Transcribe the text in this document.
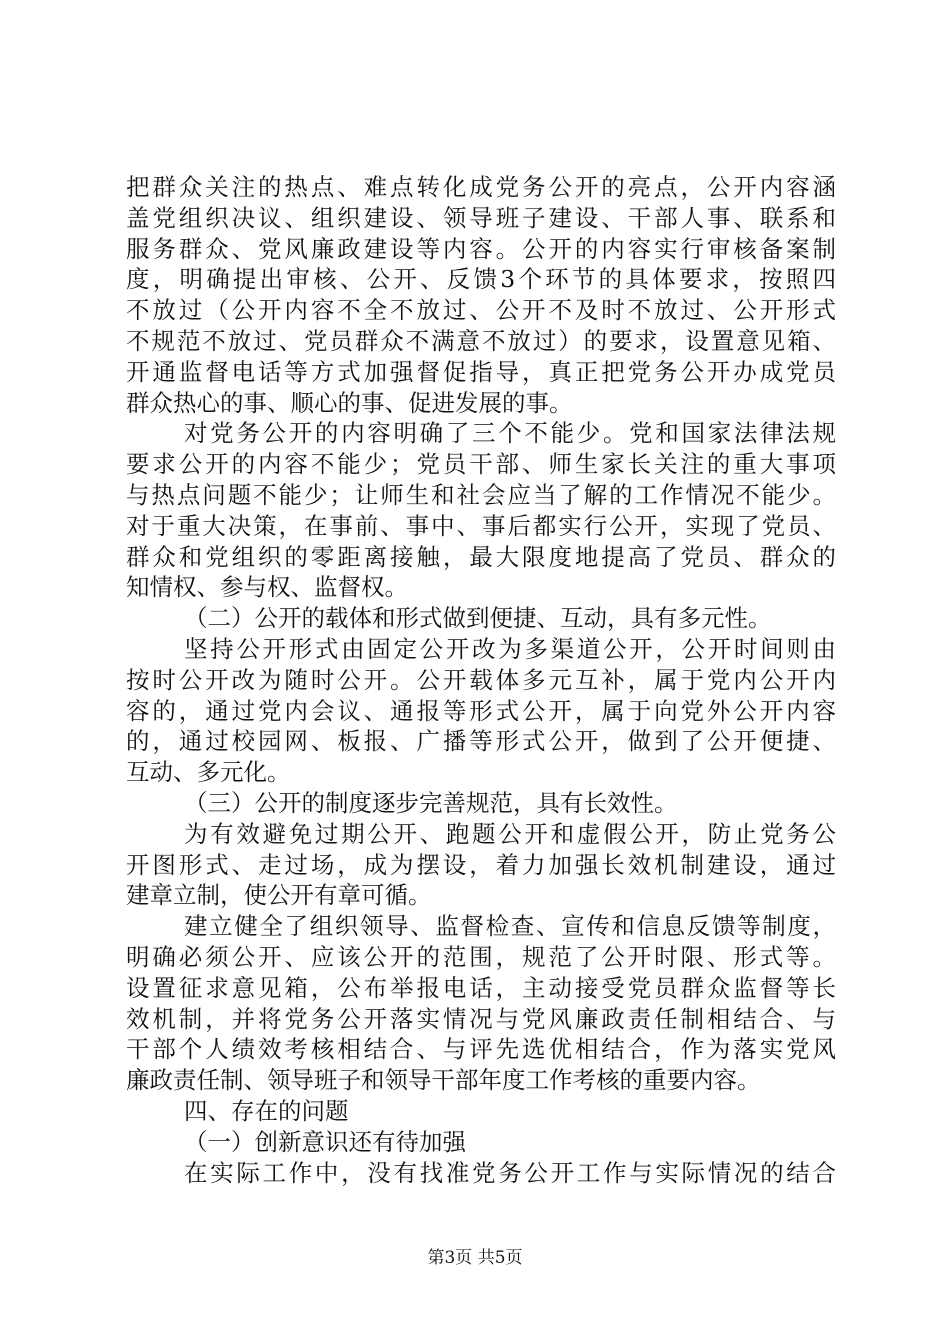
把群众关注的热点、难点转化成党务公开的亮点，公开内容涵
盖党组织决议、组织建设、领导班子建设、干部人事、联系和
服务群众、党风廉政建设等内容。公开的内容实行审核备案制
度，明确提出审核、公开、反馈3个环节的具体要求，按照四
不放过（公开内容不全不放过、公开不及时不放过、公开形式
不规范不放过、党员群众不满意不放过）的要求，设置意见箱、
开通监督电话等方式加强督促指导，真正把党务公开办成党员
群众热心的事、顺心的事、促进发展的事。
对党务公开的内容明确了三个不能少。党和国家法律法规
要求公开的内容不能少；党员干部、师生家长关注的重大事项
与热点问题不能少；让师生和社会应当了解的工作情况不能少。
对于重大决策，在事前、事中、事后都实行公开，实现了党员、
群众和党组织的零距离接触，最大限度地提高了党员、群众的
知情权、参与权、监督权。
（二）公开的载体和形式做到便捷、互动，具有多元性。
坚持公开形式由固定公开改为多渠道公开，公开时间则由
按时公开改为随时公开。公开载体多元互补，属于党内公开内
容的，通过党内会议、通报等形式公开，属于向党外公开内容
的，通过校园网、板报、广播等形式公开，做到了公开便捷、
互动、多元化。
（三）公开的制度逐步完善规范，具有长效性。
为有效避免过期公开、跑题公开和虚假公开，防止党务公
开图形式、走过场，成为摆设，着力加强长效机制建设，通过
建章立制，使公开有章可循。
建立健全了组织领导、监督检查、宣传和信息反馈等制度，
明确必须公开、应该公开的范围，规范了公开时限、形式等。
设置征求意见箱，公布举报电话，主动接受党员群众监督等长
效机制，并将党务公开落实情况与党风廉政责任制相结合、与
干部个人绩效考核相结合、与评先选优相结合，作为落实党风
廉政责任制、领导班子和领导干部年度工作考核的重要内容。
四、存在的问题
（一）创新意识还有待加强
在实际工作中，没有找准党务公开工作与实际情况的结合
第3页 共5页
